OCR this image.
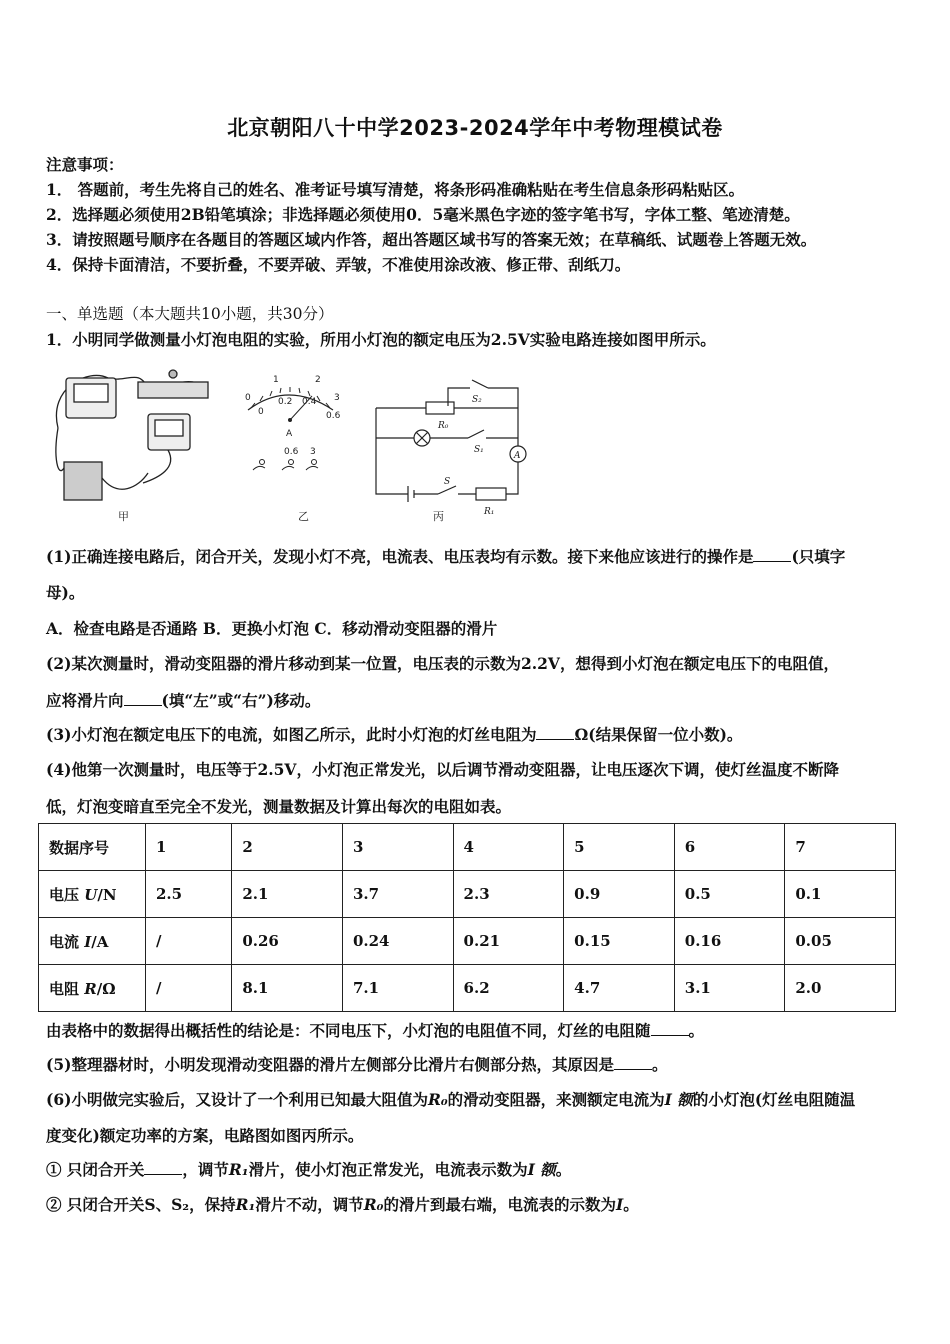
北京朝阳八十中学2023-2024学年中考物理模试卷
注意事项：
1． 答题前，考生先将自己的姓名、准考证号填写清楚，将条形码准确粘贴在考生信息条形码粘贴区。
2．选择题必须使用2B铅笔填涂；非选择题必须使用0．5毫米黑色字迹的签字笔书写，字体工整、笔迹清楚。
3．请按照题号顺序在各题目的答题区域内作答，超出答题区域书写的答案无效；在草稿纸、试题卷上答题无效。
4．保持卡面清洁，不要折叠，不要弄破、弄皱，不准使用涂改液、修正带、刮纸刀。
一、单选题（本大题共10小题，共30分）
1．小明同学做测量小灯泡电阻的实验，所用小灯泡的额定电压为2.5V实验电路连接如图甲所示。
甲
0
1	2
3
0
0.2 0.4
0.6
A
0.6 3
乙
S₂
R₀
S₁
A
S
R₁
丙
(1)正确连接电路后，闭合开关，发现小灯不亮，电流表、电压表均有示数。接下来他应该进行的操作是 (只填字
母)。
A．检查电路是否通路 B．更换小灯泡 C．移动滑动变阻器的滑片
(2)某次测量时，滑动变阻器的滑片移动到某一位置，电压表的示数为2.2V，想得到小灯泡在额定电压下的电阻值，
应将滑片向 (填“左”或“右”)移动。
(3)小灯泡在额定电压下的电流，如图乙所示，此时小灯泡的灯丝电阻为 Ω(结果保留一位小数)。
(4)他第一次测量时，电压等于2.5V，小灯泡正常发光，以后调节滑动变阻器，让电压逐次下调，使灯丝温度不断降
低，灯泡变暗直至完全不发光，测量数据及计算出每次的电阻如表。
数据序号	1	2	3	4	5	6	7
电压 U/N	2.5	2.1	3.7	2.3	0.9	0.5	0.1
电流 I/A	/	0.26	0.24	0.21	0.15	0.16	0.05
电阻 R/Ω	/	8.1	7.1	6.2	4.7	3.1	2.0
由表格中的数据得出概括性的结论是：不同电压下，小灯泡的电阻值不同，灯丝的电阻随 。
(5)整理器材时，小明发现滑动变阻器的滑片左侧部分比滑片右侧部分热，其原因是 。
(6)小明做完实验后，又设计了一个利用已知最大阻值为R₀的滑动变阻器，来测额定电流为I 额的小灯泡(灯丝电阻随温
度变化)额定功率的方案，电路图如图丙所示。
① 只闭合开关 ，调节R₁滑片，使小灯泡正常发光，电流表示数为I 额。
② 只闭合开关S、S₂，保持R₁滑片不动，调节R₀的滑片到最右端，电流表的示数为I。
